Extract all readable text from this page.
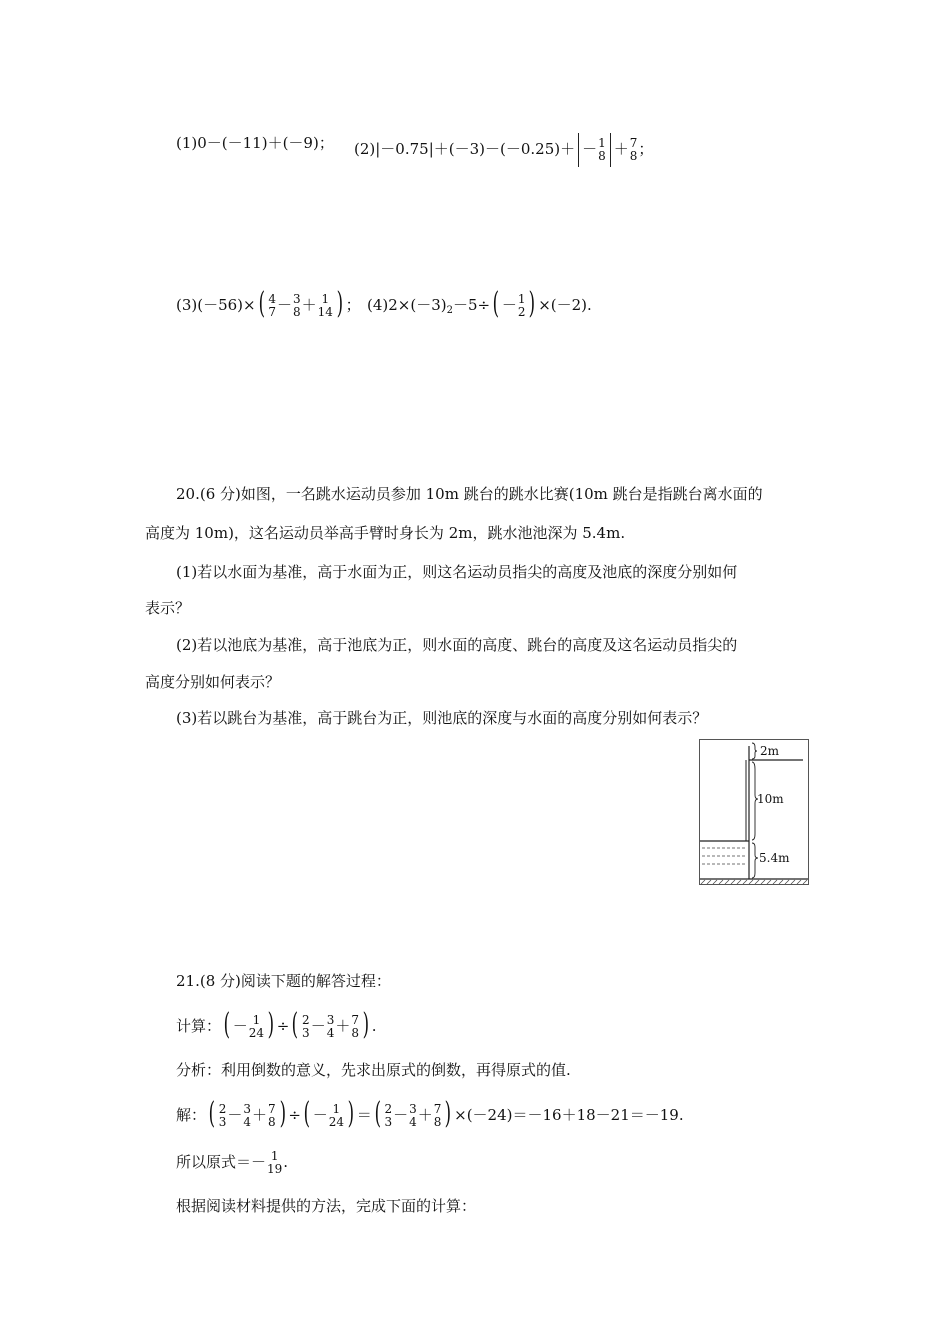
(1)0－(－11)＋(－9)； (2)|－0.75|＋(－3)－(－0.25)＋ － 1
8 ＋ 7
8 ；
(3)(－56)×( 4
7 － 3
8 ＋ 1
14 ) ； $(4)2\times(-3)_2-5\div( - 1$
2 ) ×(－2).
20.(6 分)如图，一名跳水运动员参加 10m 跳台的跳水比赛(10m 跳台是指跳台离水面的
高度为 10m)，这名运动员举高手臂时身长为 2m，跳水池池深为 5.4m.
(1)若以水面为基准，高于水面为正，则这名运动员指尖的高度及池底的深度分别如何
表示？
(2)若以池底为基准，高于池底为正，则水面的高度、跳台的高度及这名运动员指尖的
高度分别如何表示？
(3)若以跳台为基准，高于跳台为正，则池底的深度与水面的高度分别如何表示？
2m
10m
5.4m
21.(8 分)阅读下题的解答过程：
计算：( － 1
24 ) ÷( 2
3 － 3
4 ＋ 7
8 ) .
分析：利用倒数的意义，先求出原式的倒数，再得原式的值.
解：( 2
3 － 3
4 ＋ 7
8 ) ÷( － 1
24 ) ＝( 2
3 － 3
4 ＋ 7
8 ) ×(－24)＝－16＋18－21＝－19.
所以原式＝－ 1
19 .
根据阅读材料提供的方法，完成下面的计算：
